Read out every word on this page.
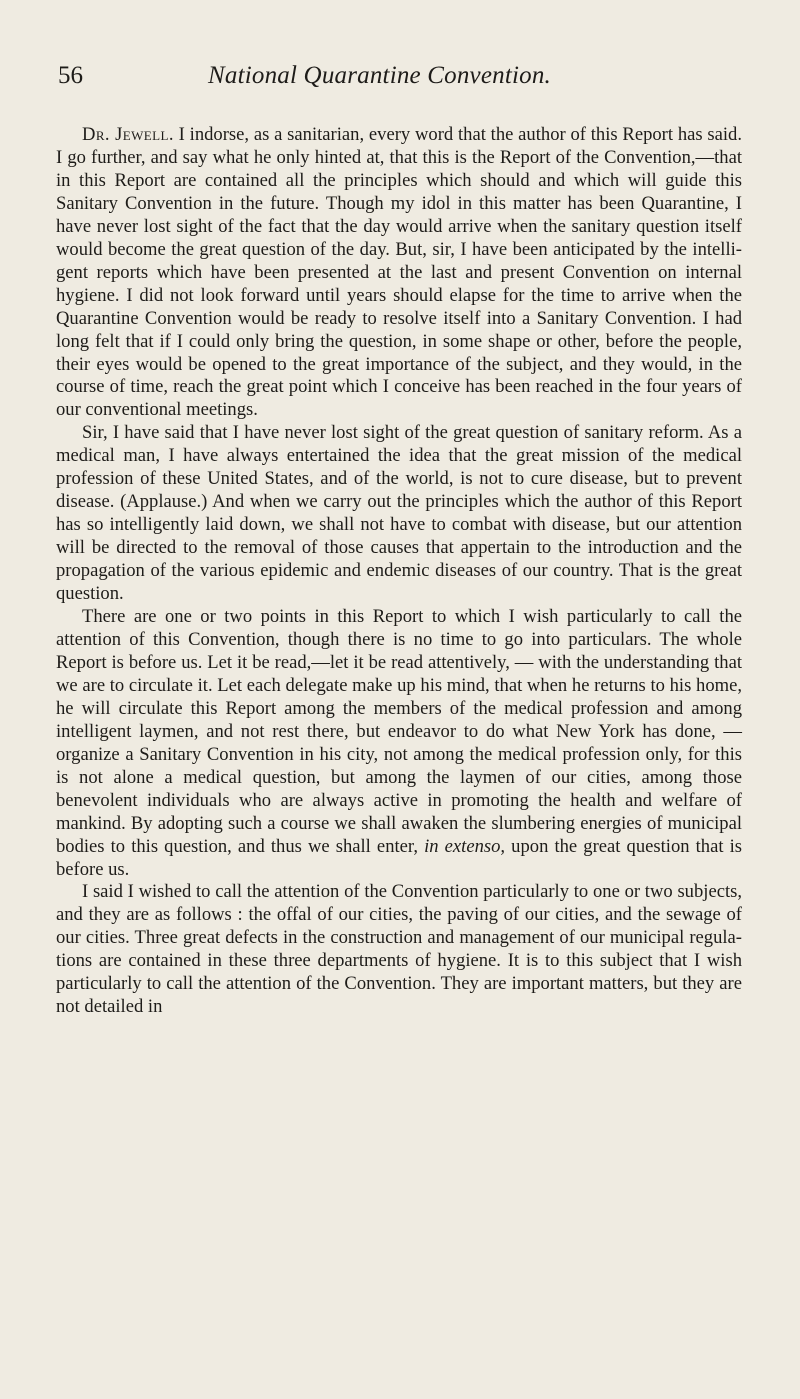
56	National Quarantine Convention.

Dr. Jewell. I indorse, as a sanitarian, every word that the author of this Report has said. I go further, and say what he only hinted at, that this is the Report of the Convention,—that in this Report are contained all the principles which should and which will guide this Sanitary Convention in the future. Though my idol in this matter has been Quarantine, I have never lost sight of the fact that the day would arrive when the sanitary question itself would become the great question of the day. But, sir, I have been anticipated by the intelligent reports which have been presented at the last and present Convention on internal hygiene. I did not look forward until years should elapse for the time to arrive when the Quarantine Convention would be ready to resolve itself into a Sanitary Convention. I had long felt that if I could only bring the question, in some shape or other, before the people, their eyes would be opened to the great importance of the subject, and they would, in the course of time, reach the great point which I conceive has been reached in the four years of our conventional meetings.

Sir, I have said that I have never lost sight of the great question of sanitary reform. As a medical man, I have always entertained the idea that the great mission of the medical profession of these United States, and of the world, is not to cure disease, but to prevent disease. (Applause.) And when we carry out the principles which the author of this Report has so intelligently laid down, we shall not have to combat with disease, but our attention will be directed to the removal of those causes that appertain to the introduction and the propagation of the various epidemic and endemic diseases of our country. That is the great question.

There are one or two points in this Report to which I wish particularly to call the attention of this Convention, though there is no time to go into particulars. The whole Report is before us. Let it be read,—let it be read attentively, — with the understanding that we are to circulate it. Let each delegate make up his mind, that when he returns to his home, he will circulate this Report among the members of the medical profession and among intelligent laymen, and not rest there, but endeavor to do what New York has done, — organize a Sanitary Convention in his city, not among the medical profession only, for this is not alone a medical question, but among the laymen of our cities, among those benevolent individuals who are always active in promoting the health and welfare of mankind. By adopting such a course we shall awaken the slumbering energies of municipal bodies to this question, and thus we shall enter, in extenso, upon the great question that is before us.

I said I wished to call the attention of the Convention particularly to one or two subjects, and they are as follows : the offal of our cities, the paving of our cities, and the sewage of our cities. Three great defects in the construction and management of our municipal regulations are contained in these three departments of hygiene. It is to this subject that I wish particularly to call the attention of the Convention. They are important matters, but they are not detailed in
